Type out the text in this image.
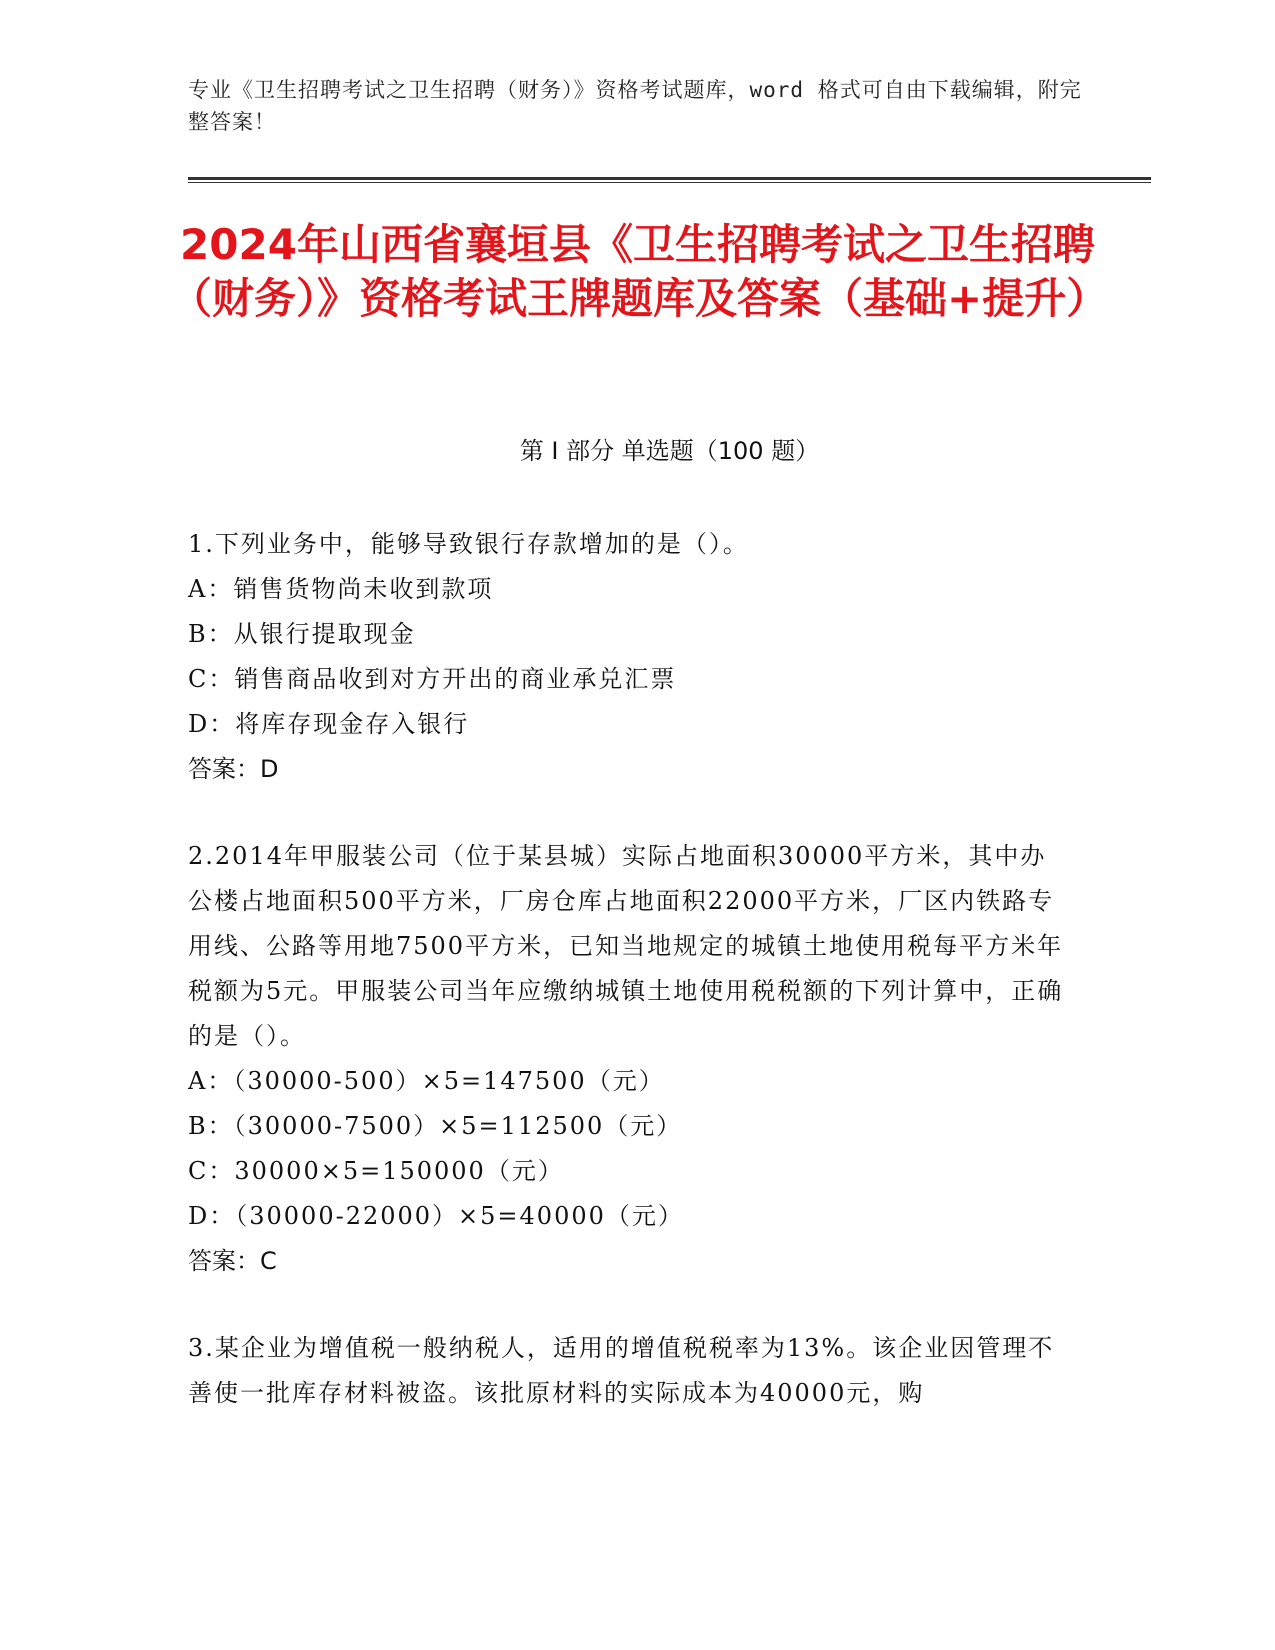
专业《卫生招聘考试之卫生招聘（财务）》资格考试题库，word 格式可自由下载编辑，附完整答案！
2024年山西省襄垣县《卫生招聘考试之卫生招聘（财务）》资格考试王牌题库及答案（基础+提升）
第 I 部分 单选题（100 题）

1.下列业务中，能够导致银行存款增加的是（）。

A：销售货物尚未收到款项

B：从银行提取现金

C：销售商品收到对方开出的商业承兑汇票

D：将库存现金存入银行

答案：D

2.2014年甲服装公司（位于某县城）实际占地面积30000平方米，其中办公楼占地面积500平方米，厂房仓库占地面积22000平方米，厂区内铁路专用线、公路等用地7500平方米，已知当地规定的城镇土地使用税每平方米年税额为5元。甲服装公司当年应缴纳城镇土地使用税税额的下列计算中，正确的是（）。

A：（30000-500）×5=147500（元）

B：（30000-7500）×5=112500（元）

C：30000×5=150000（元）

D：（30000-22000）×5=40000（元）

答案：C

3.某企业为增值税一般纳税人，适用的增值税税率为13%。该企业因管理不善使一批库存材料被盗。该批原材料的实际成本为40000元，购
